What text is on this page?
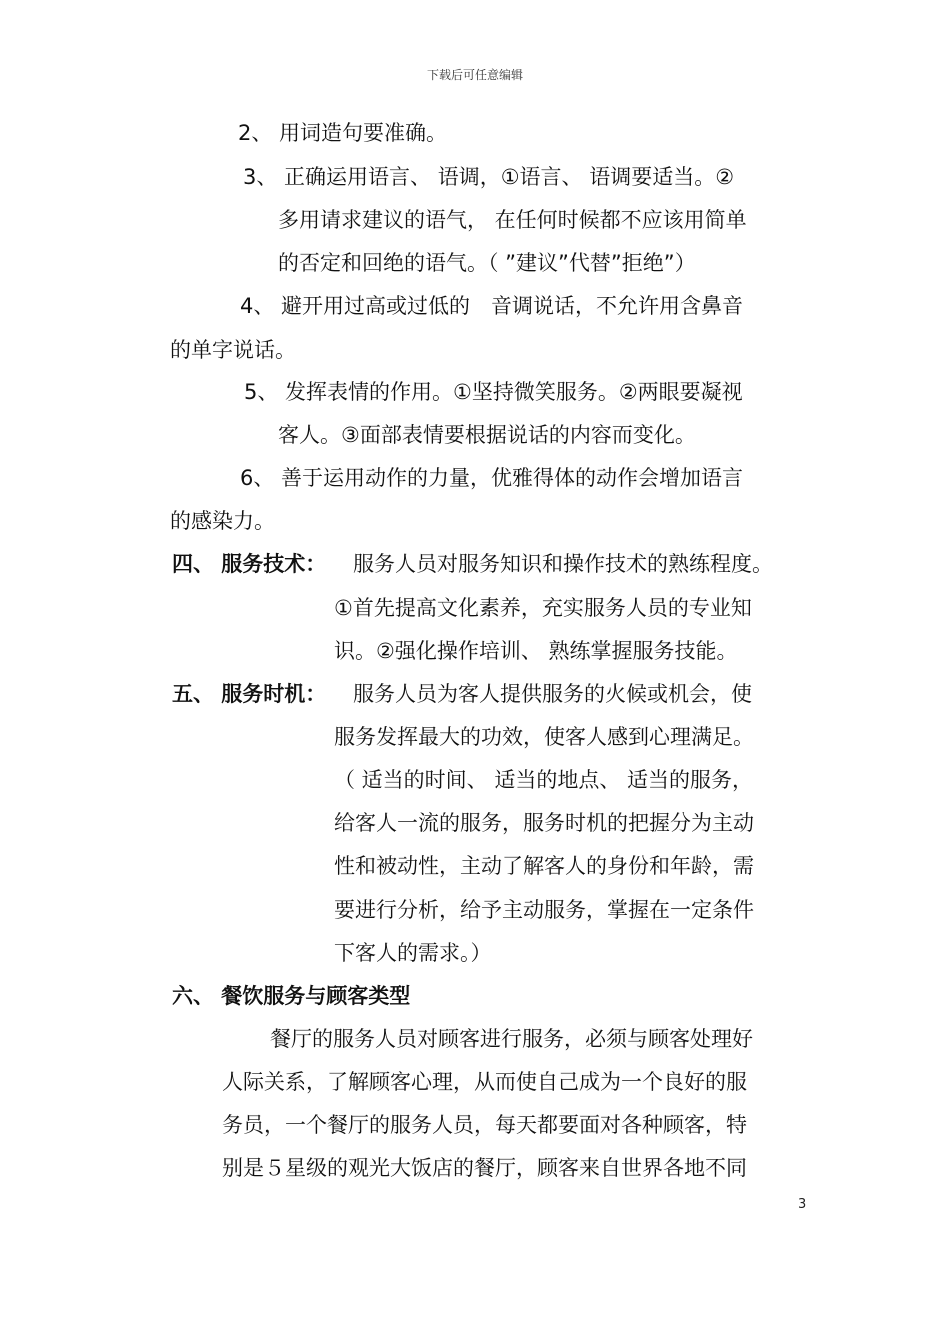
下载后可任意编辑
2、 用词造句要准确。
3、 正确运用语言、 语调，①语言、 语调要适当。②
多用请求建议的语气， 在任何时候都不应该用简单
的否定和回绝的语气。（ ”建议”代替”拒绝”）
4、 避开用过高或过低的　音调说话，不允许用含鼻音
的单字说话。
5、 发挥表情的作用。①坚持微笑服务。②两眼要凝视
客人。③面部表情要根据说话的内容而变化。
6、 善于运用动作的力量，优雅得体的动作会增加语言
的感染力。
四、 服务技术： 服务人员对服务知识和操作技术的熟练程度。
①首先提高文化素养，充实服务人员的专业知
识。②强化操作培训、 熟练掌握服务技能。
五、 服务时机： 服务人员为客人提供服务的火候或机会，使
服务发挥最大的功效，使客人感到心理满足。
（ 适当的时间、 适当的地点、 适当的服务，
给客人一流的服务，服务时机的把握分为主动
性和被动性，主动了解客人的身份和年龄，需
要进行分析，给予主动服务，掌握在一定条件
下客人的需求。）
六、 餐饮服务与顾客类型
餐厅的服务人员对顾客进行服务，必须与顾客处理好
人际关系，了解顾客心理，从而使自己成为一个良好的服
务员，一个餐厅的服务人员，每天都要面对各种顾客，特
别是５星级的观光大饭店的餐厅，顾客来自世界各地不同
3
